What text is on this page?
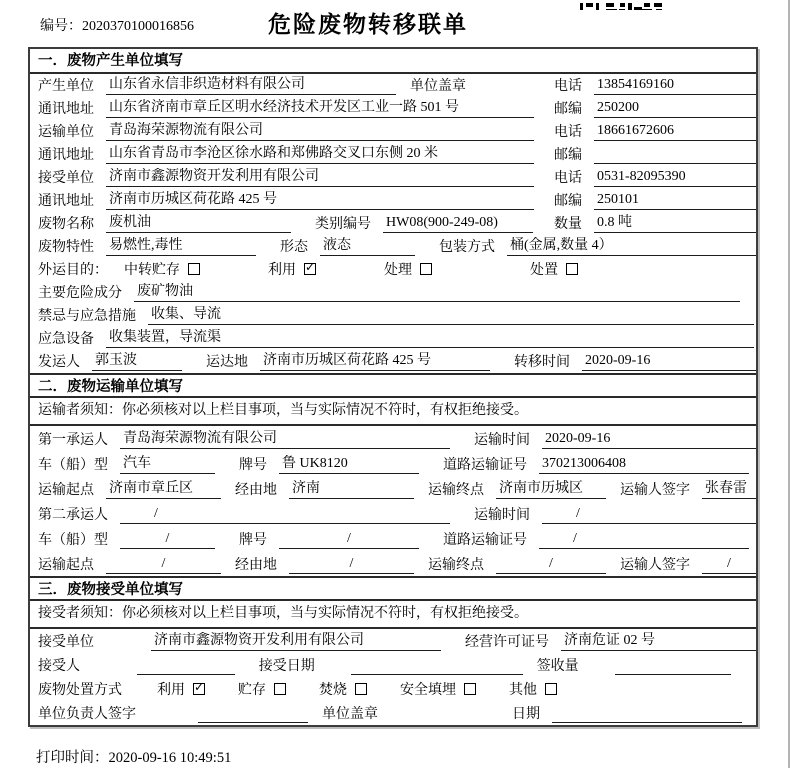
编号：2020370100016856	危险废物转移联单
一．废物产生单位填写
产生单位 山东省永信非织造材料有限公司	单位盖章	电话 13854169160
通讯地址 山东省济南市章丘区明水经济技术开发区工业一路 501 号	邮编 250200
运输单位 青岛海荣源物流有限公司	电话 18661672606
通讯地址 山东省青岛市李沧区徐水路和郑佛路交叉口东侧 20 米	邮编
接受单位 济南市鑫源物资开发利用有限公司	电话 0531-82095390
通讯地址 济南市历城区荷花路 425 号	邮编 250101
废物名称 废机油	类别编号 HW08(900-249-08)	数量 0.8 吨
废物特性 易燃性,毒性	形态 液态	包装方式 桶(金属,数量 4）
外运目的： 中转贮存	利用 ✓	处理	处置
主要危险成分 废矿物油
禁忌与应急措施 收集、导流
应急设备 收集装置，导流渠
发运人 郭玉波	运达地 济南市历城区荷花路 425 号	转移时间 2020-09-16
二．废物运输单位填写
运输者须知：你必须核对以上栏目事项，当与实际情况不符时，有权拒绝接受。
第一承运人 青岛海荣源物流有限公司	运输时间 2020-09-16
车（船）型 汽车	牌号 鲁 UK8120	道路运输证号 370213006408
运输起点 济南市章丘区	经由地 济南	运输终点 济南市历城区	运输人签字 张春雷
第二承运人	/	运输时间	/
车（船）型	/	牌号	/	道路运输证号	/
运输起点	/	经由地	/	运输终点	/	运输人签字	/
三．废物接受单位填写
接受者须知：你必须核对以上栏目事项，当与实际情况不符时，有权拒绝接受。
接受单位	济南市鑫源物资开发利用有限公司	经营许可证号 济南危证 02 号
接受人	接受日期	签收量
废物处置方式	利用 ✓	贮存	焚烧	安全填埋	其他
单位负责人签字	单位盖章	日期
打印时间：2020-09-16 10:49:51
